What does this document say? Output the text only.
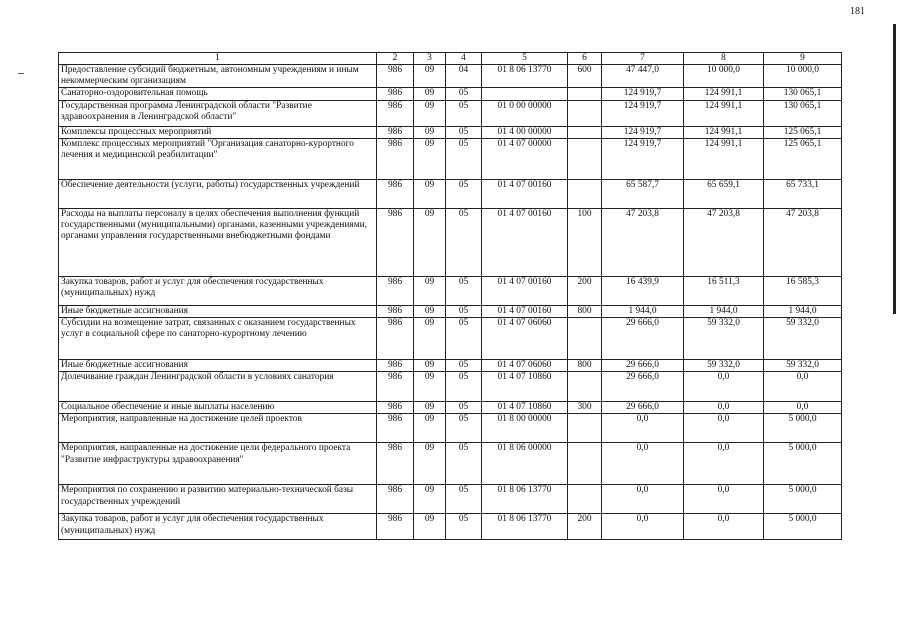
181
1	2	3	4	5	6	7	8	9
Предоставление субсидий бюджетным, автономным учреждениям и иным некоммерческим организациям	986	09	04	01 8 06 13770	600	47 447,0	10 000,0	10 000,0
Санаторно-оздоровительная помощь	986	09	05			124 919,7	124 991,1	130 065,1
Государственная программа Ленинградской области "Развитие здравоохранения в Ленинградской области"	986	09	05	01 0 00 00000		124 919,7	124 991,1	130 065,1
Комплексы процессных мероприятий	986	09	05	01 4 00 00000		124 919,7	124 991,1	125 065,1
Комплекс процессных мероприятий "Организация санаторно-курортного лечения и медицинской реабилитации"	986	09	05	01 4 07 00000		124 919,7	124 991,1	125 065,1
Обеспечение деятельности (услуги, работы) государственных учреждений	986	09	05	01 4 07 00160		65 587,7	65 659,1	65 733,1
Расходы на выплаты персоналу в целях обеспечения выполнения функций государственными (муниципальными) органами, казенными учреждениями, органами управления государственными внебюджетными фондами	986	09	05	01 4 07 00160	100	47 203,8	47 203,8	47 203,8
Закупка товаров, работ и услуг для обеспечения государственных (муниципальных) нужд	986	09	05	01 4 07 00160	200	16 439,9	16 511,3	16 585,3
Иные бюджетные ассигнования	986	09	05	01 4 07 00160	800	1 944,0	1 944,0	1 944,0
Субсидии на возмещение затрат, связанных с оказанием государственных услуг в социальной сфере по санаторно-курортному лечению	986	09	05	01 4 07 06060		29 666,0	59 332,0	59 332,0
Иные бюджетные ассигнования	986	09	05	01 4 07 06060	800	29 666,0	59 332,0	59 332,0
Долечивание граждан Ленинградской области в условиях санатория	986	09	05	01 4 07 10860		29 666,0	0,0	0,0
Социальное обеспечение и иные выплаты населению	986	09	05	01 4 07 10860	300	29 666,0	0,0	0,0
Мероприятия, направленные на достижение целей проектов	986	09	05	01 8 00 00000		0,0	0,0	5 000,0
Мероприятия, направленные на достижение цели федерального проекта "Развитие инфраструктуры здравоохранения"	986	09	05	01 8 06 00000		0,0	0,0	5 000,0
Мероприятия по сохранению и развитию материально-технической базы государственных учреждений	986	09	05	01 8 06 13770		0,0	0,0	5 000,0
Закупка товаров, работ и услуг для обеспечения государственных (муниципальных) нужд	986	09	05	01 8 06 13770	200	0,0	0,0	5 000,0
